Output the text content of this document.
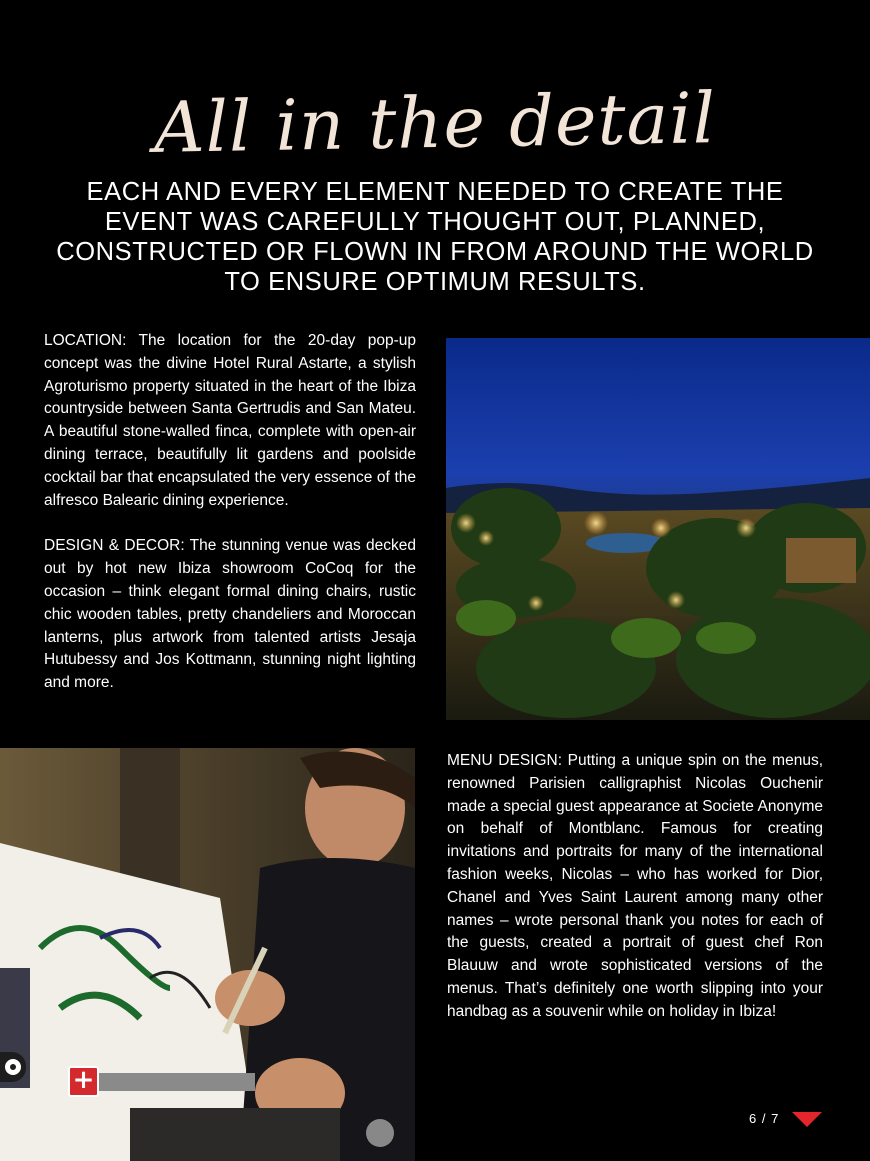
All in the detail
EACH AND EVERY ELEMENT NEEDED TO CREATE THE EVENT WAS CAREFULLY THOUGHT OUT, PLANNED, CONSTRUCTED OR FLOWN IN FROM AROUND THE WORLD TO ENSURE OPTIMUM RESULTS.

LOCATION: The location for the 20-day pop-up concept was the divine Hotel Rural Astarte, a stylish Agroturismo property situated in the heart of the Ibiza countryside between Santa Gertrudis and San Mateu. A beautiful stone-walled finca, complete with open-air dining terrace, beautifully lit gardens and poolside cocktail bar that encapsulated the very essence of the alfresco Balearic dining experience.

DESIGN & DECOR: The stunning venue was decked out by hot new Ibiza showroom CoCoq for the occasion – think elegant formal dining chairs, rustic chic wooden tables, pretty chandeliers and Moroccan lanterns, plus artwork from talented artists Jesaja Hutubessy and Jos Kottmann, stunning night lighting and more.

+

MENU DESIGN: Putting a unique spin on the menus, renowned Parisien calligraphist Nicolas Ouchenir made a special guest appearance at Societe Anonyme on behalf of Montblanc. Famous for creating invitations and portraits for many of the international fashion weeks, Nicolas – who has worked for Dior, Chanel and Yves Saint Laurent among many other names – wrote personal thank you notes for each of the guests, created a portrait of guest chef Ron Blauuw and wrote sophisticated versions of the menus. That’s definitely one worth slipping into your handbag as a souvenir while on holiday in Ibiza!

6 / 7
